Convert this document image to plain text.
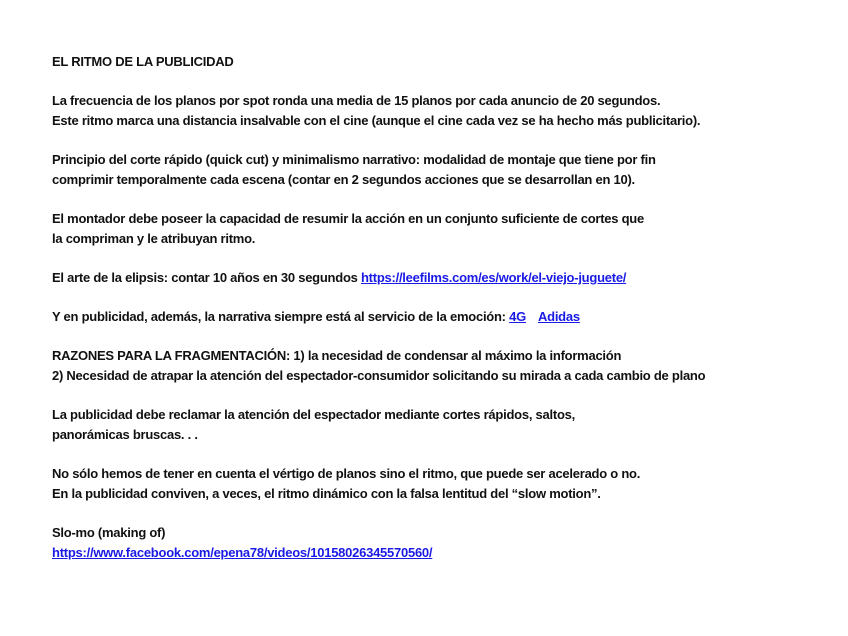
EL RITMO DE LA PUBLICIDAD

La frecuencia de los planos por spot ronda una media de 15 planos por cada anuncio de 20 segundos.
Este ritmo marca una distancia insalvable con el cine (aunque el cine cada vez se ha hecho más publicitario).

Principio del corte rápido (quick cut) y minimalismo narrativo: modalidad de montaje que tiene por fin
comprimir temporalmente cada escena (contar en 2 segundos acciones que se desarrollan en 10).

El montador debe poseer la capacidad de resumir la acción en un conjunto suficiente de cortes que
la compriman y le atribuyan ritmo.

El arte de la elipsis: contar 10 años en 30 segundos https://leefilms.com/es/work/el-viejo-juguete/

Y en publicidad, además, la narrativa siempre está al servicio de la emoción: 4G Adidas

RAZONES PARA LA FRAGMENTACIÓN: 1) la necesidad de condensar al máximo la información
2) Necesidad de atrapar la atención del espectador-consumidor solicitando su mirada a cada cambio de plano

La publicidad debe reclamar la atención del espectador mediante cortes rápidos, saltos,
panorámicas bruscas. . .

No sólo hemos de tener en cuenta el vértigo de planos sino el ritmo, que puede ser acelerado o no.
En la publicidad conviven, a veces, el ritmo dinámico con la falsa lentitud del “slow motion”.

Slo-mo (making of)
https://www.facebook.com/epena78/videos/10158026345570560/
